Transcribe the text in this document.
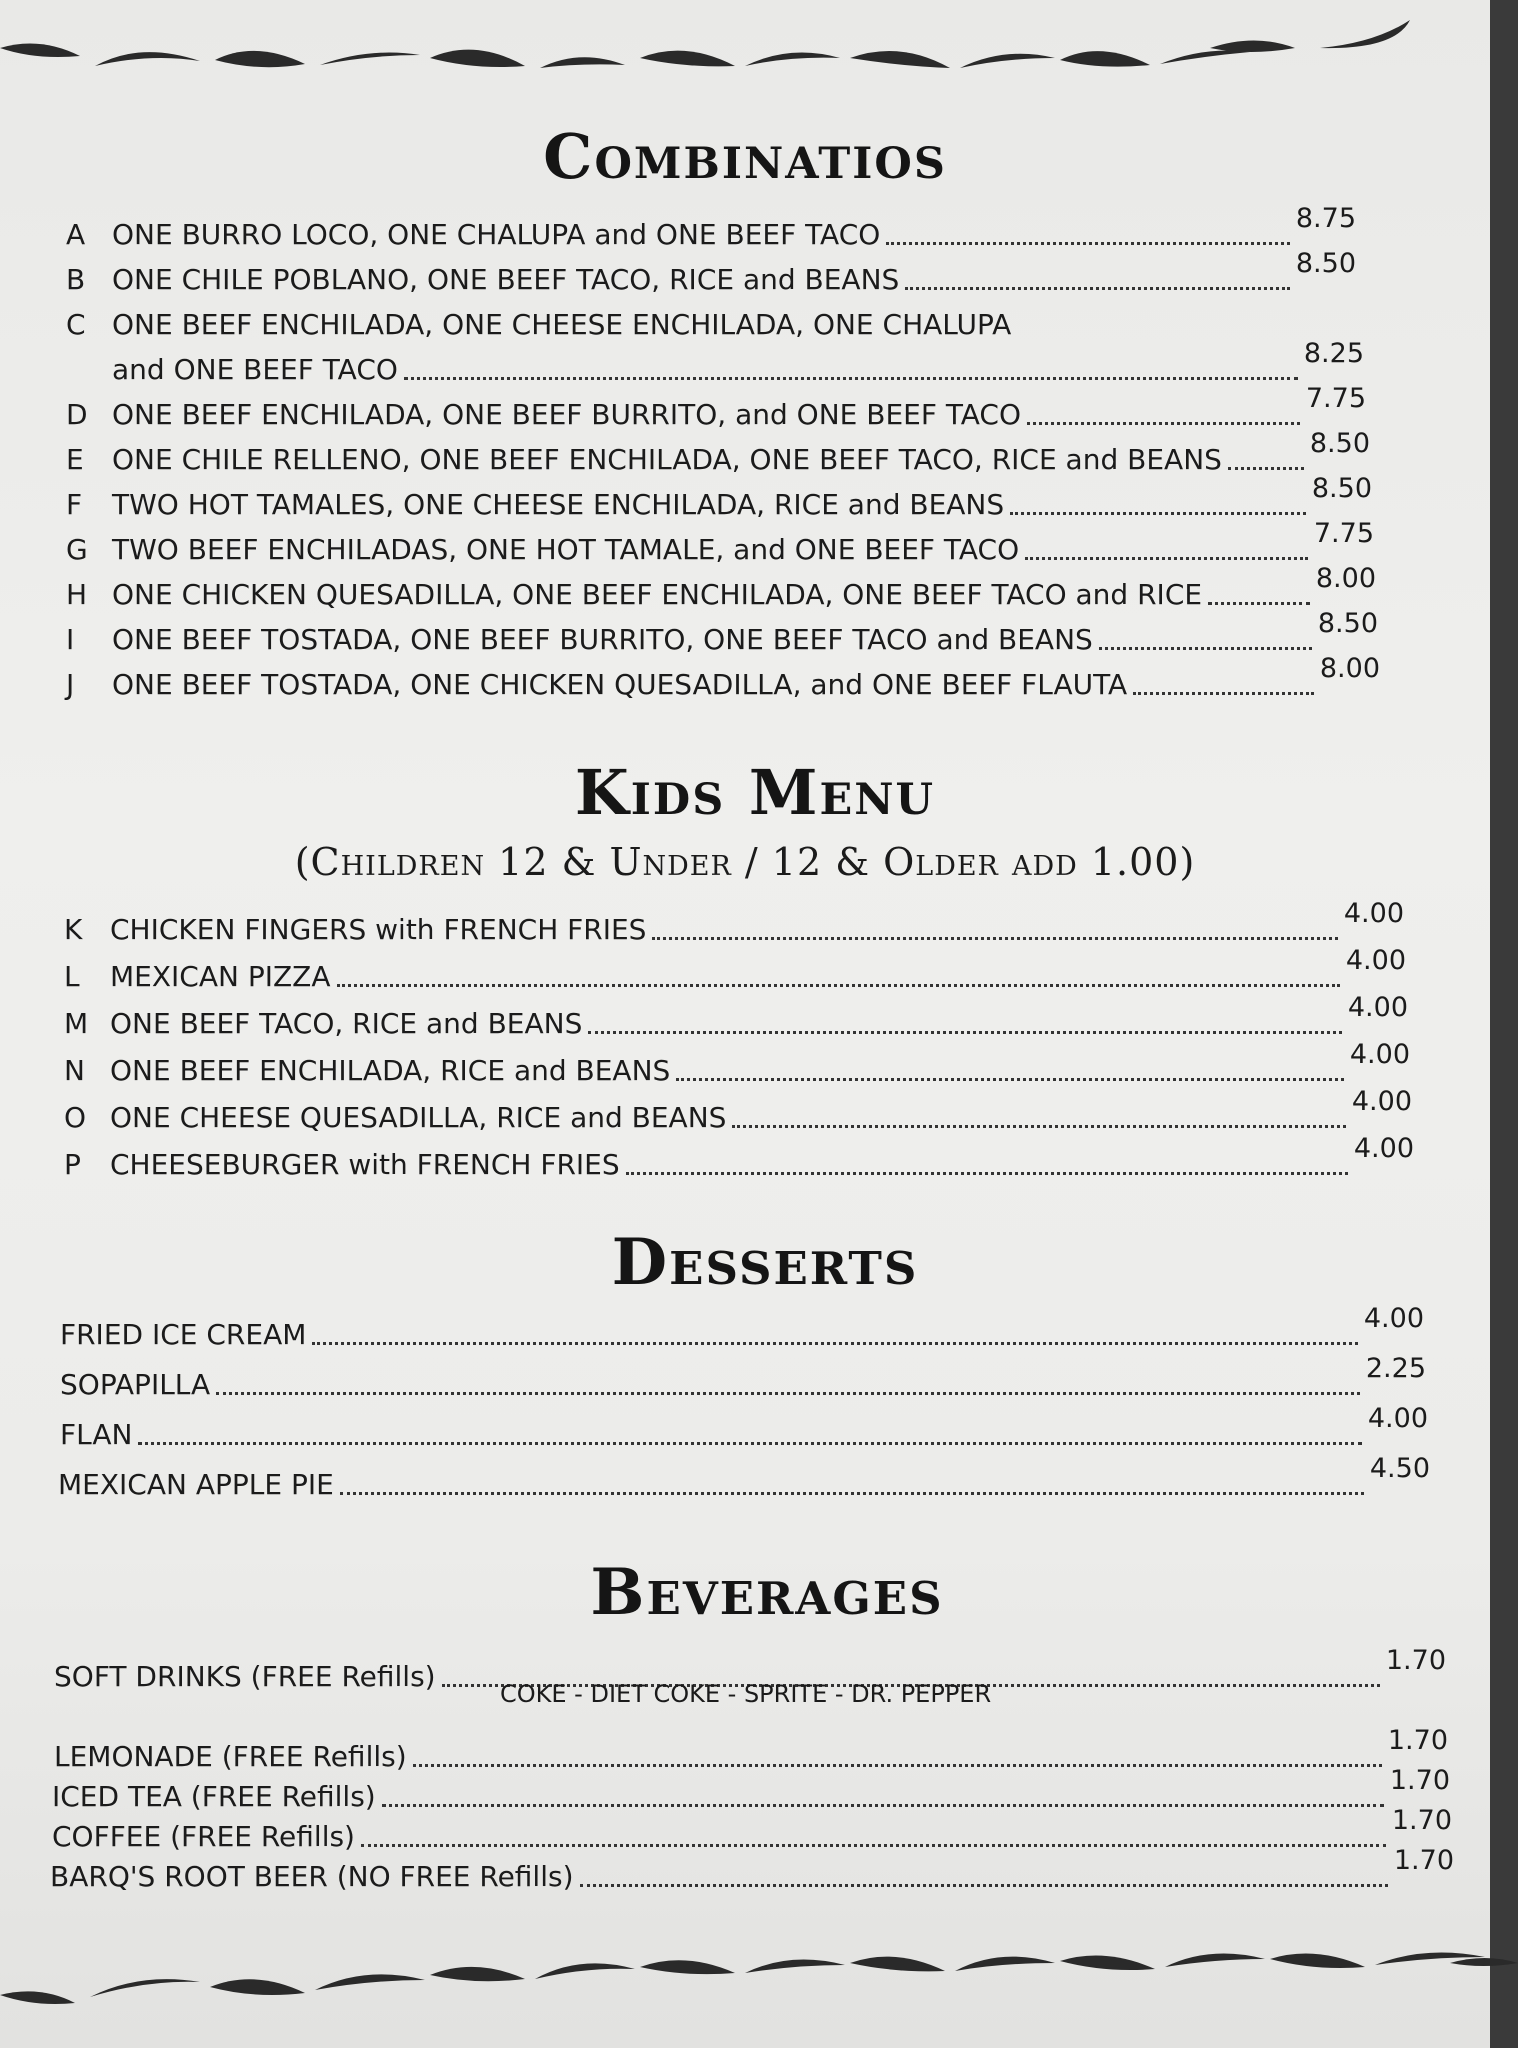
Combinatios
A ONE BURRO LOCO, ONE CHALUPA and ONE BEEF TACO	8.75
B ONE CHILE POBLANO, ONE BEEF TACO, RICE and BEANS	8.50
C ONE BEEF ENCHILADA, ONE CHEESE ENCHILADA, ONE CHALUPA
and ONE BEEF TACO	8.25
D ONE BEEF ENCHILADA, ONE BEEF BURRITO, and ONE BEEF TACO	7.75
E	ONE CHILE RELLENO, ONE BEEF ENCHILADA, ONE BEEF TACO, RICE and BEANS	8.50
F	TWO HOT TAMALES, ONE CHEESE ENCHILADA, RICE and BEANS	8.50
G TWO BEEF ENCHILADAS, ONE HOT TAMALE, and ONE BEEF TACO	7.75
H ONE CHICKEN QUESADILLA, ONE BEEF ENCHILADA, ONE BEEF TACO and RICE	8.00
I	ONE BEEF TOSTADA, ONE BEEF BURRITO, ONE BEEF TACO and BEANS	8.50
J	ONE BEEF TOSTADA, ONE CHICKEN QUESADILLA, and ONE BEEF FLAUTA	8.00
Kids Menu
(Children 12 & Under / 12 & Older add 1.00)
K CHICKEN FINGERS with FRENCH FRIES	4.00
L	MEXICAN PIZZA	4.00
M ONE BEEF TACO, RICE and BEANS	4.00
N ONE BEEF ENCHILADA, RICE and BEANS	4.00
O ONE CHEESE QUESADILLA, RICE and BEANS	4.00
P	CHEESEBURGER with FRENCH FRIES	4.00
Desserts
FRIED ICE CREAM	4.00
SOPAPILLA	2.25
FLAN	4.00
MEXICAN APPLE PIE	4.50
Beverages
SOFT DRINKS (FREE Refills)	1.70
COKE - DIET COKE - SPRITE - DR. PEPPER
LEMONADE (FREE Refills)	1.70
ICED TEA (FREE Refills)	1.70
COFFEE (FREE Refills)	1.70
BARQ'S ROOT BEER (NO FREE Refills)	1.70
